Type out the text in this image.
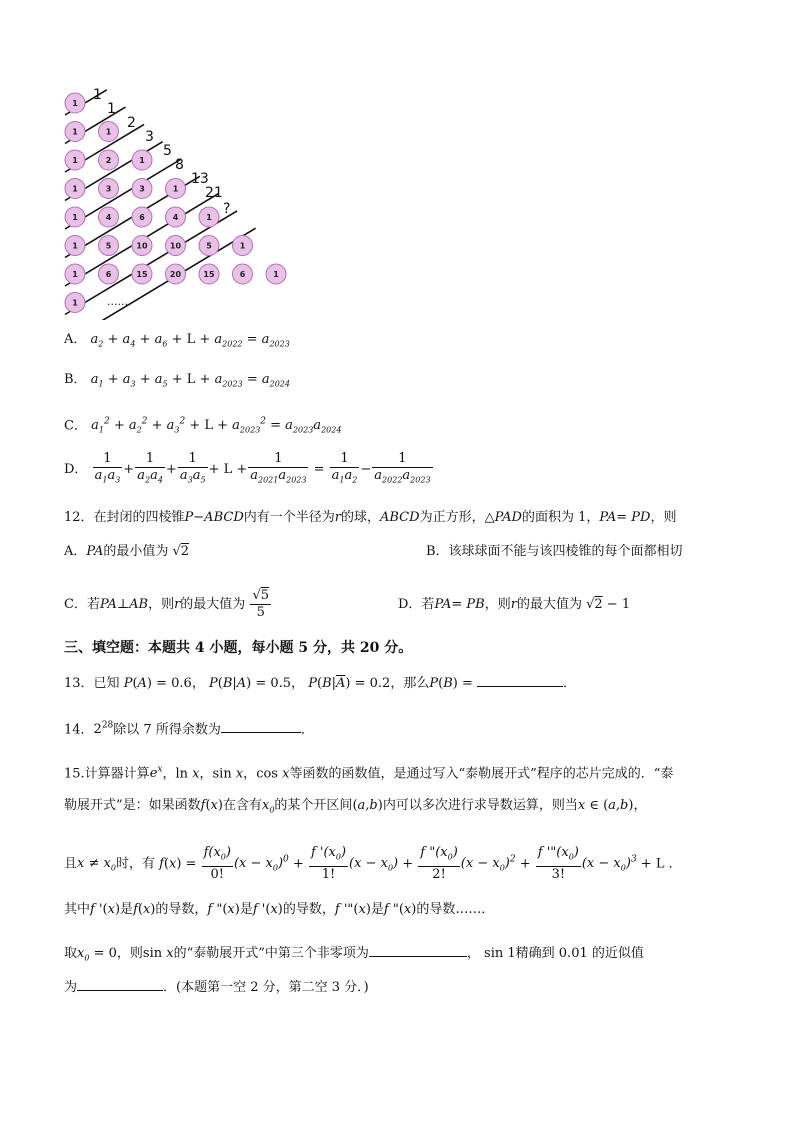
1
1	1
1	2	1
1	3	3	1
1	4	6	4	1
1	5	10	10	5	1
1	6	15	20	15	6	1
1
1
1
2
3
5
8
13
21
?
......
A． $a_2 + a_4 + a_6 + L + a_{2022} = a_{2023}$
B． $a_1 + a_3 + a_5 + L + a_{2023} = a_{2024}$
C． $a_1^2 + a_2^2 + a_3^2 + L + a_{2023}^2 = a_{2023}a_{2024}$
D． $\frac{1}{a_1a_3} + \frac{1}{a_2a_4} + \frac{1}{a_3a_5} + L + \frac{1}{a_{2021}a_{2023}} = \frac{1}{a_1a_2} - \frac{1}{a_{2022}a_{2023}}$
12．在封闭的四棱锥P−ABCD内有一个半径为r的球，ABCD为正方形，△PAD的面积为 1，PA= PD，则
A．PA的最小值为 √2	B．该球球面不能与该四棱锥的每个面都相切
C．若PA⊥AB，则r的最大值为 $\frac{√5}{5}$	D．若PA= PB，则r的最大值为 √2 − 1
三、填空题：本题共 4 小题，每小题 5 分，共 20 分。
13．已知 P(A) = 0.6， P(B|A) = 0.5， $P(B|\overline{A}) = 0.2$，那么P(B) =	．
14．$2^{28}$除以 7 所得余数为	．
15.计算器计算$e^x$，ln x，sin x，cos x等函数的函数值，是通过写入“泰勒展开式”程序的芯片完成的．“泰
勒展开式”是：如果函数f(x)在含有$x_0$的某个开区间(a,b)内可以多次进行求导数运算，则当x ∈ (a,b)，
且$x \ne x_0$时，有 $f(x) = \frac{f(x_0)}{0!} (x - x_0)^0 + \frac{f '(x_0)}{1!} (x - x_0) + \frac{f "(x_0)}{2!} (x - x_0)^2 + \frac{f '"(x_0)}{3!} (x - x_0)^3 + L$ ．
其中f '(x)是f(x)的导数，f "(x)是f '(x)的导数，f '"(x)是f "(x)的导数……．
取$x_0 = 0$，则sin x的“泰勒展开式”中第三个非零项为	， sin 1精确到 0.01 的近似值
为	．(本题第一空 2 分，第二空 3 分．)
